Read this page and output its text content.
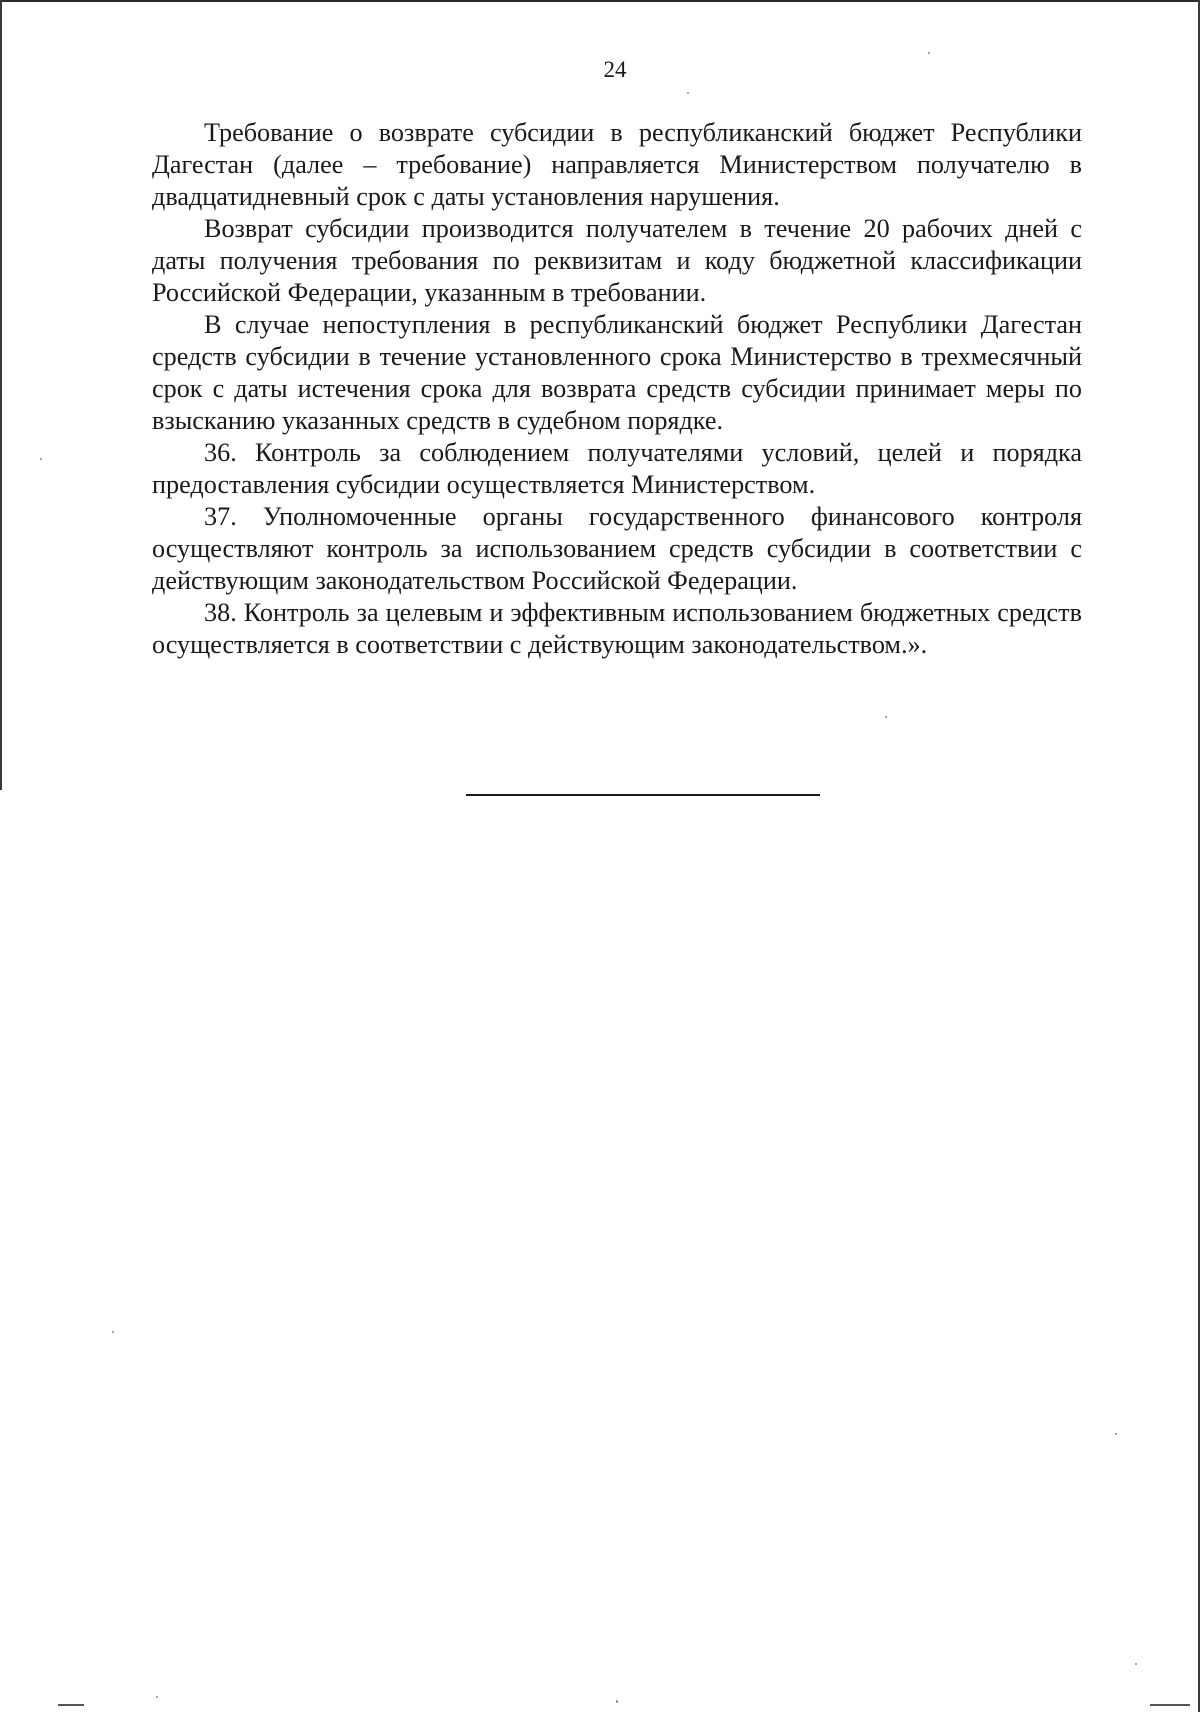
24

Требование о возврате субсидии в республиканский бюджет Республики Дагестан (далее – требование) направляется Министерством получателю в двадцатидневный срок с даты установления нарушения.

Возврат субсидии производится получателем в течение 20 рабочих дней с даты получения требования по реквизитам и коду бюджетной классификации Российской Федерации, указанным в требовании.

В случае непоступления в республиканский бюджет Республики Дагестан средств субсидии в течение установленного срока Министерство в трехмесячный срок с даты истечения срока для возврата средств субсидии принимает меры по взысканию указанных средств в судебном порядке.

36. Контроль за соблюдением получателями условий, целей и порядка предоставления субсидии осуществляется Министерством.

37. Уполномоченные органы государственного финансового контроля осуществляют контроль за использованием средств субсидии в соответствии с действующим законодательством Российской Федерации.

38. Контроль за целевым и эффективным использованием бюджетных средств осуществляется в соответствии с действующим законодательством.».
